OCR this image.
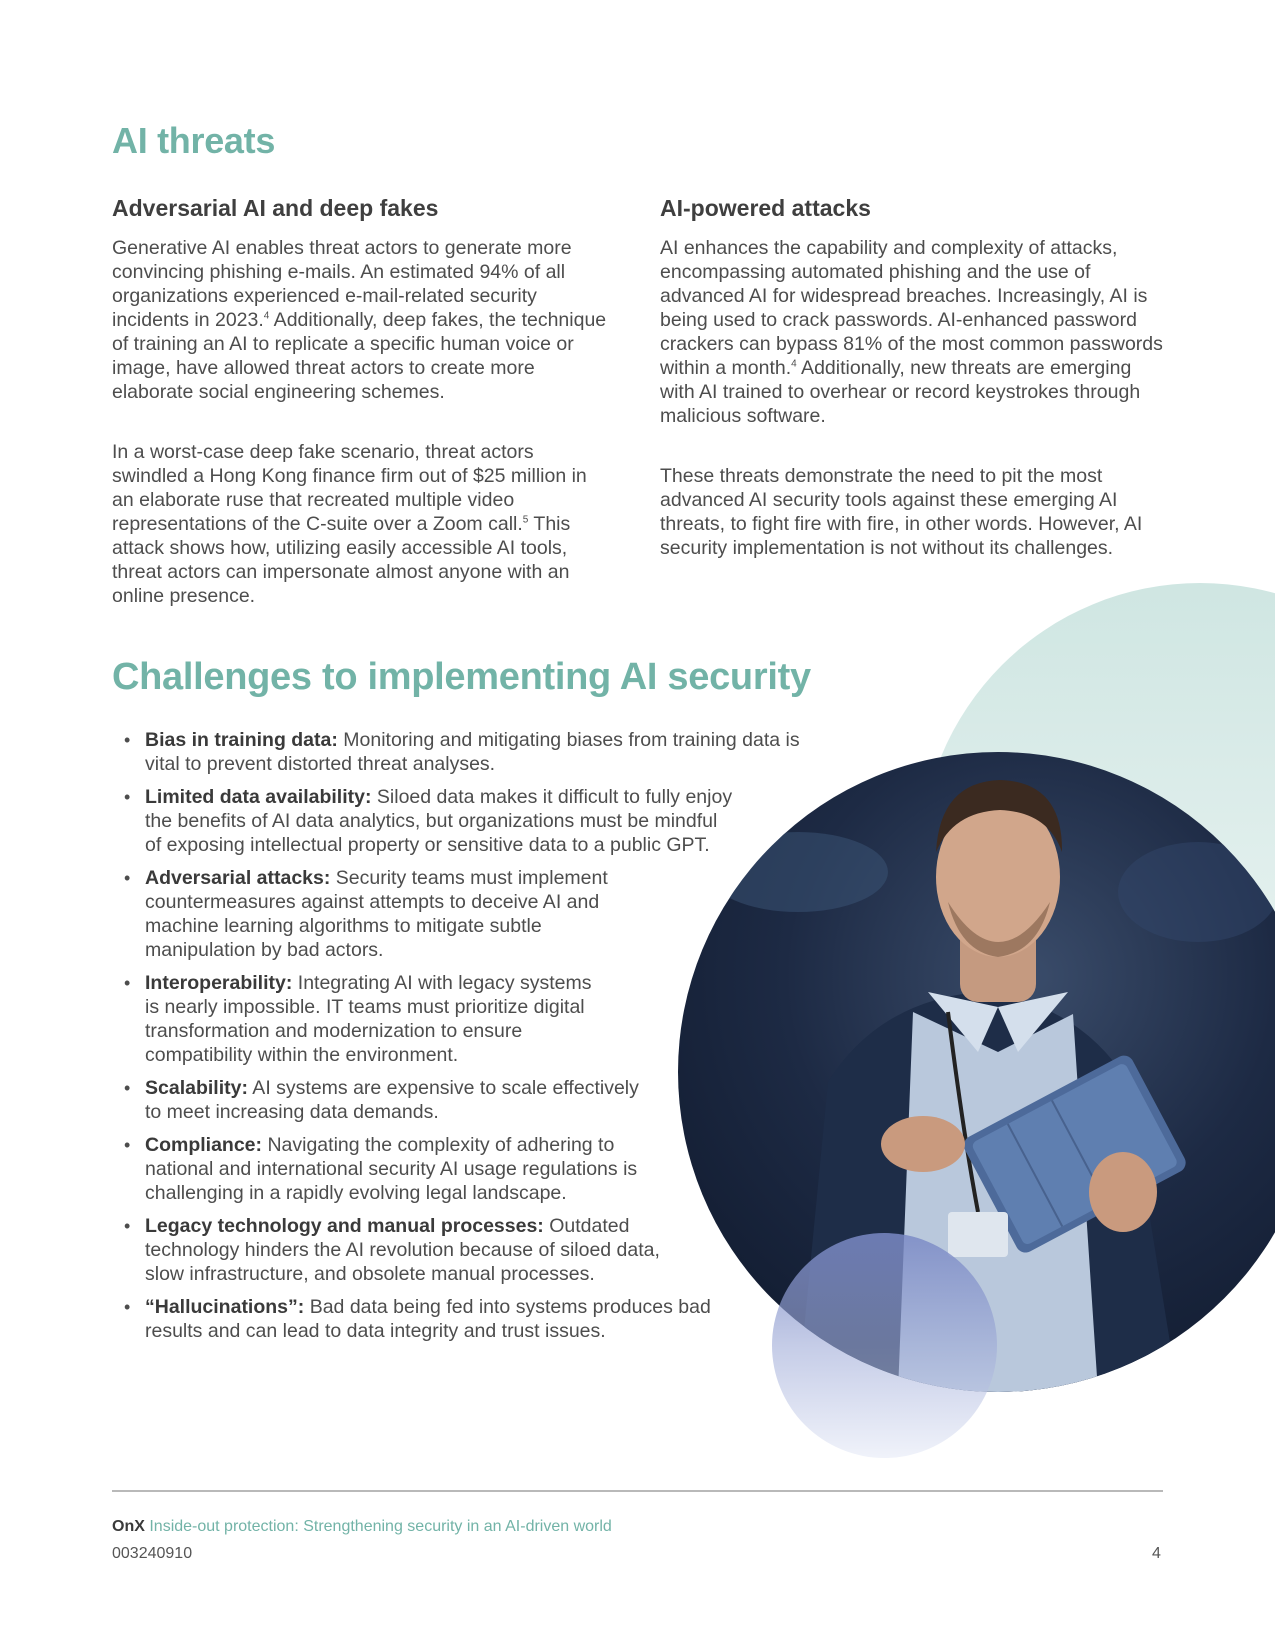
AI threats
Adversarial AI and deep fakes

Generative AI enables threat actors to generate more convincing phishing e-mails. An estimated 94% of all organizations experienced e-mail-related security incidents in 2023.$^4$ Additionally, deep fakes, the technique of training an AI to replicate a specific human voice or image, have allowed threat actors to create more elaborate social engineering schemes.

In a worst-case deep fake scenario, threat actors swindled a Hong Kong finance firm out of $25 million in an elaborate ruse that recreated multiple video representations of the C-suite over a Zoom call.$^5$ This attack shows how, utilizing easily accessible AI tools, threat actors can impersonate almost anyone with an online presence.

AI-powered attacks

AI enhances the capability and complexity of attacks, encompassing automated phishing and the use of advanced AI for widespread breaches. Increasingly, AI is being used to crack passwords. AI-enhanced password crackers can bypass 81% of the most common passwords within a month.$^4$ Additionally, new threats are emerging with AI trained to overhear or record keystrokes through malicious software.

These threats demonstrate the need to pit the most advanced AI security tools against these emerging AI threats, to fight fire with fire, in other words. However, AI security implementation is not without its challenges.

Challenges to implementing AI security
• Bias in training data: Monitoring and mitigating biases from training data is vital to prevent distorted threat analyses.
• Limited data availability: Siloed data makes it difficult to fully enjoy the benefits of AI data analytics, but organizations must be mindful of exposing intellectual property or sensitive data to a public GPT.
• Adversarial attacks: Security teams must implement countermeasures against attempts to deceive AI and machine learning algorithms to mitigate subtle manipulation by bad actors.
• Interoperability: Integrating AI with legacy systems is nearly impossible. IT teams must prioritize digital transformation and modernization to ensure compatibility within the environment.
• Scalability: AI systems are expensive to scale effectively to meet increasing data demands.
• Compliance: Navigating the complexity of adhering to national and international security AI usage regulations is challenging in a rapidly evolving legal landscape.
• Legacy technology and manual processes: Outdated technology hinders the AI revolution because of siloed data, slow infrastructure, and obsolete manual processes.
• “Hallucinations”: Bad data being fed into systems produces bad results and can lead to data integrity and trust issues.
OnX Inside-out protection: Strengthening security in an AI-driven world
003240910	4
